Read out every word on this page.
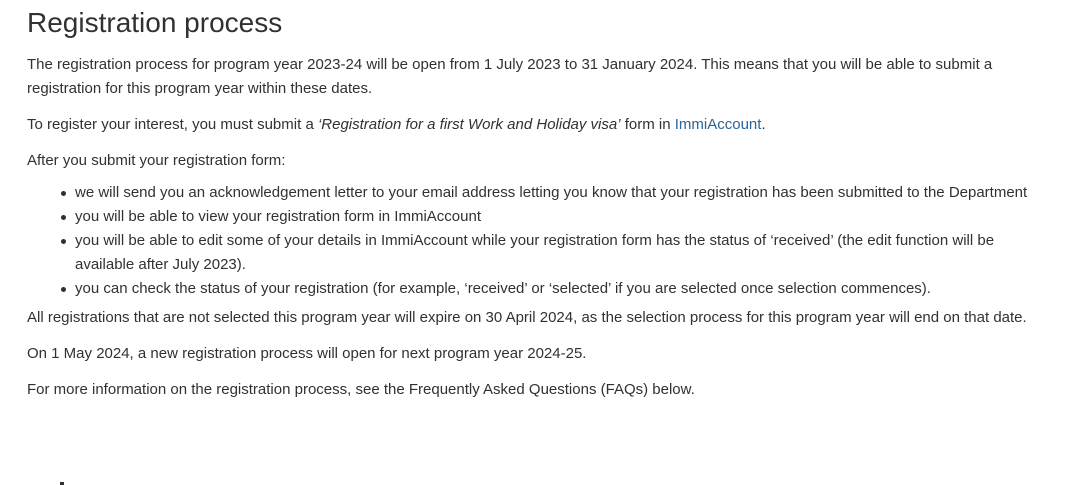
Registration process

The registration process for program year 2023-24 will be open from 1 July 2023 to 31 January 2024. This means that you will be able to submit a registration for this program year within these dates.

To register your interest, you must submit a ‘Registration for a first Work and Holiday visa’ form in ImmiAccount.

After you submit your registration form:

we will send you an acknowledgement letter to your email address letting you know that your registration has been submitted to the Department
you will be able to view your registration form in ImmiAccount
you will be able to edit some of your details in ImmiAccount while your registration form has the status of ‘received’ (the edit function will be available after July 2023).
you can check the status of your registration (for example, ‘received’ or ‘selected’ if you are selected once selection commences).

All registrations that are not selected this program year will expire on 30 April 2024, as the selection process for this program year will end on that date.

On 1 May 2024, a new registration process will open for next program year 2024-25.

For more information on the registration process, see the Frequently Asked Questions (FAQs) below.
